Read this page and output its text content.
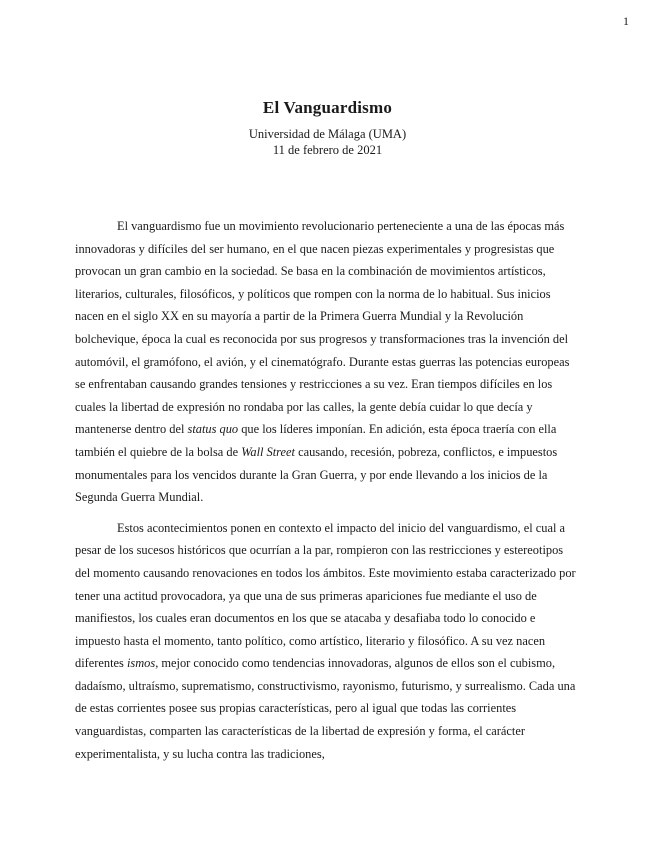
1
El Vanguardismo
Universidad de Málaga (UMA)
11 de febrero de 2021

El vanguardismo fue un movimiento revolucionario perteneciente a una de las épocas más innovadoras y difíciles del ser humano, en el que nacen piezas experimentales y progresistas que provocan un gran cambio en la sociedad. Se basa en la combinación de movimientos artísticos, literarios, culturales, filosóficos, y políticos que rompen con la norma de lo habitual. Sus inicios nacen en el siglo XX en su mayoría a partir de la Primera Guerra Mundial y la Revolución bolchevique, época la cual es reconocida por sus progresos y transformaciones tras la invención del automóvil, el gramófono, el avión, y el cinematógrafo. Durante estas guerras las potencias europeas se enfrentaban causando grandes tensiones y restricciones a su vez. Eran tiempos difíciles en los cuales la libertad de expresión no rondaba por las calles, la gente debía cuidar lo que decía y mantenerse dentro del status quo que los líderes imponían. En adición, esta época traería con ella también el quiebre de la bolsa de Wall Street causando, recesión, pobreza, conflictos, e impuestos monumentales para los vencidos durante la Gran Guerra, y por ende llevando a los inicios de la Segunda Guerra Mundial.

Estos acontecimientos ponen en contexto el impacto del inicio del vanguardismo, el cual a pesar de los sucesos históricos que ocurrían a la par, rompieron con las restricciones y estereotipos del momento causando renovaciones en todos los ámbitos. Este movimiento estaba caracterizado por tener una actitud provocadora, ya que una de sus primeras apariciones fue mediante el uso de manifiestos, los cuales eran documentos en los que se atacaba y desafiaba todo lo conocido e impuesto hasta el momento, tanto político, como artístico, literario y filosófico. A su vez nacen diferentes ismos, mejor conocido como tendencias innovadoras, algunos de ellos son el cubismo, dadaísmo, ultraísmo, suprematismo, constructivismo, rayonismo, futurismo, y surrealismo. Cada una de estas corrientes posee sus propias características, pero al igual que todas las corrientes vanguardistas, comparten las características de la libertad de expresión y forma, el carácter experimentalista, y su lucha contra las tradiciones,
